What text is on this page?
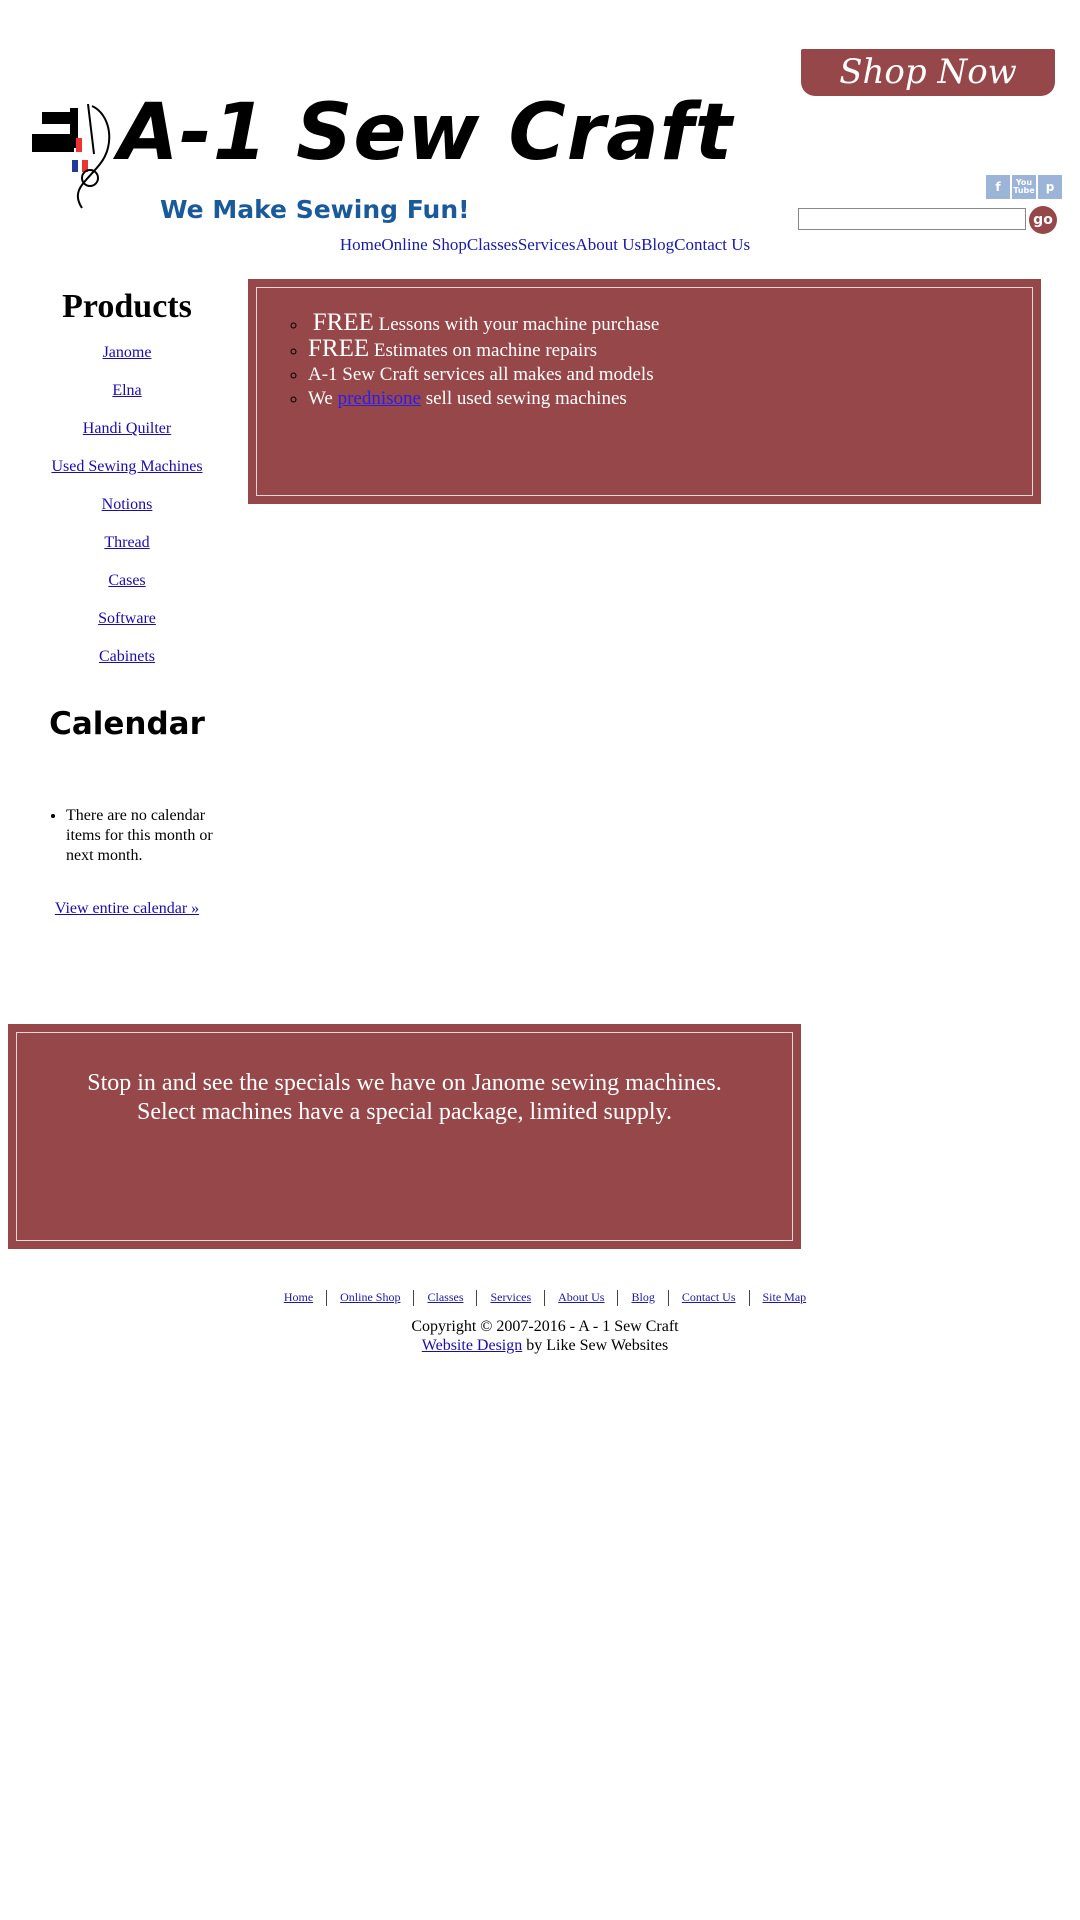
Shop Now
A-1 Sew Craft
We Make Sewing Fun!
f	You Tube p
go
HomeOnline ShopClassesServicesAbout UsBlogContact Us
Products
Janome
Elna
Handi Quilter
Used Sewing Machines
Notions
Thread
Cases
Software
Cabinets
Calendar
• There are no calendar items for this month or next month.
View entire calendar »
◦ FREE Lessons with your machine purchase
◦ FREE Estimates on machine repairs
◦ A-1 Sew Craft services all makes and models
◦ We prednisone sell used sewing machines
Stop in and see the specials we have on Janome sewing machines.
Select machines have a special package, limited supply.
Home Online Shop Classes Services About Us Blog Contact Us Site Map
Copyright © 2007-2016 - A - 1 Sew Craft
Website Design by Like Sew Websites
